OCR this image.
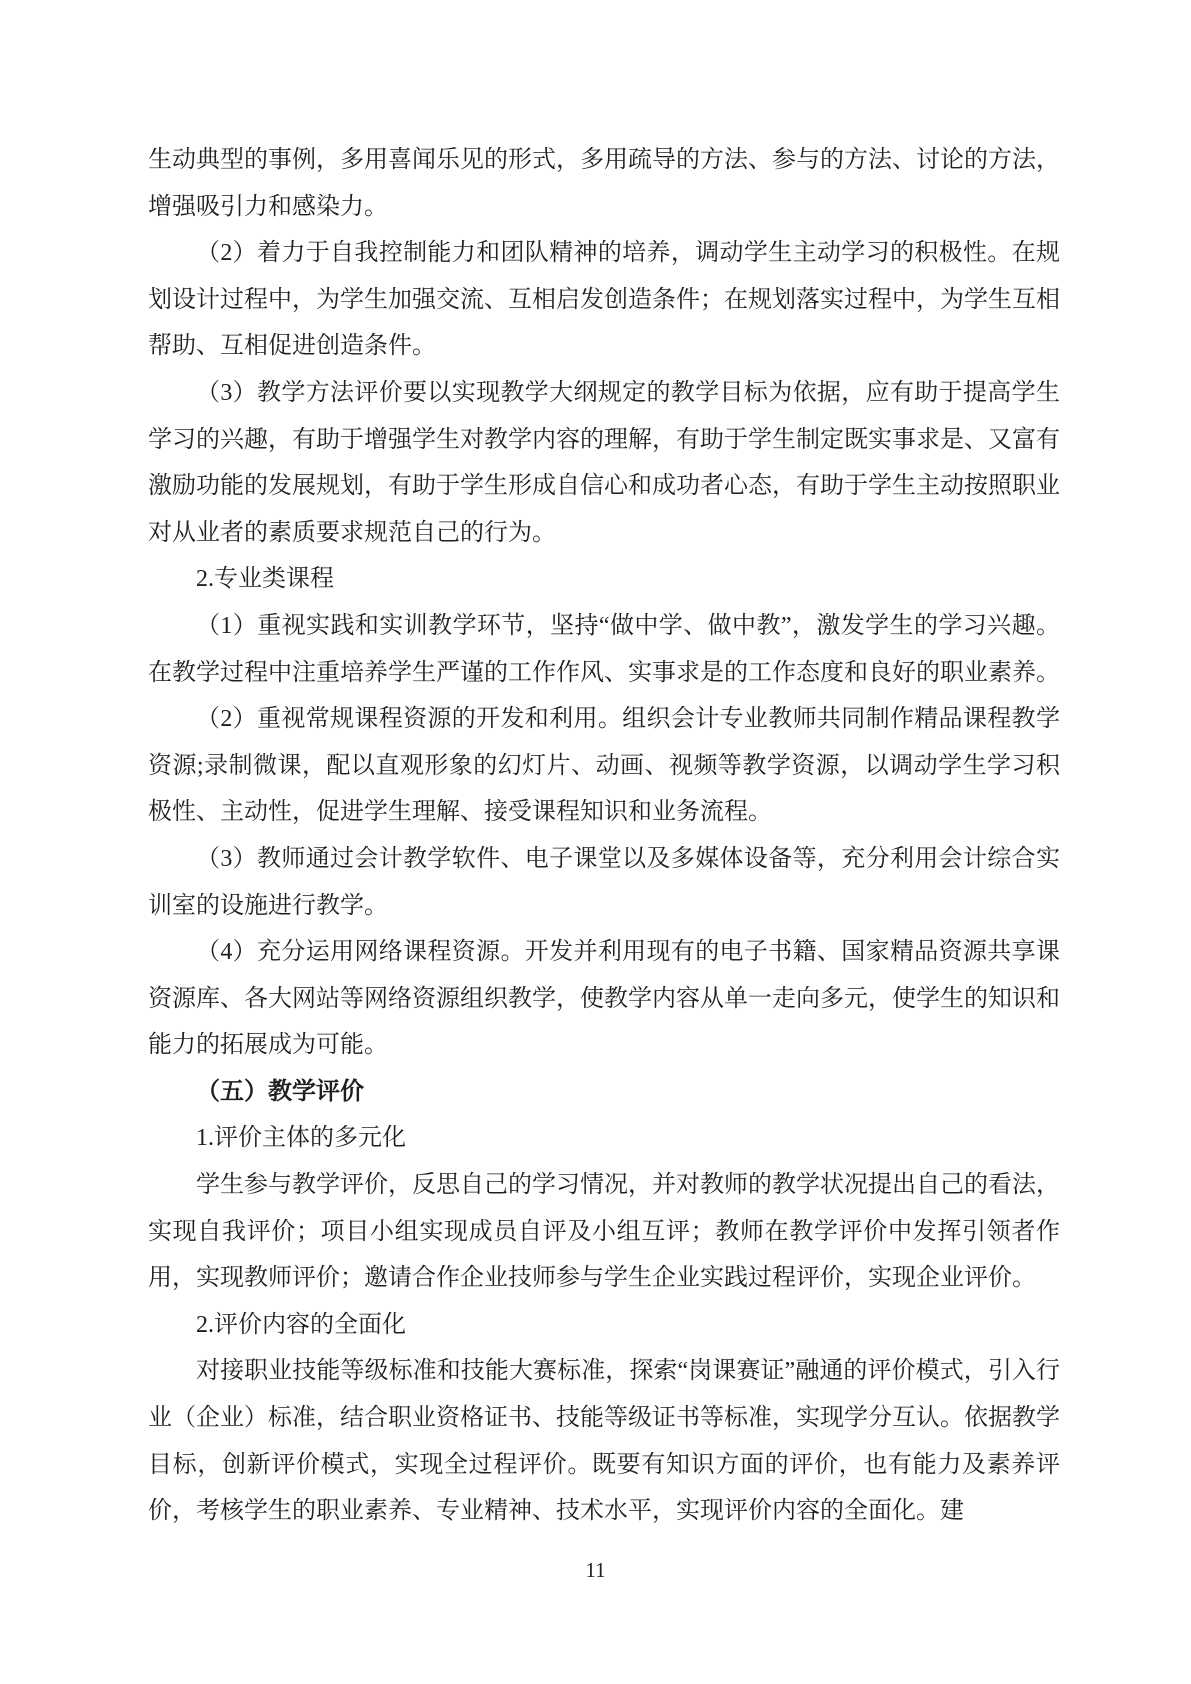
生动典型的事例，多用喜闻乐见的形式，多用疏导的方法、参与的方法、讨论的方法，增强吸引力和感染力。

（2）着力于自我控制能力和团队精神的培养，调动学生主动学习的积极性。在规划设计过程中，为学生加强交流、互相启发创造条件；在规划落实过程中，为学生互相帮助、互相促进创造条件。

（3）教学方法评价要以实现教学大纲规定的教学目标为依据，应有助于提高学生学习的兴趣，有助于增强学生对教学内容的理解，有助于学生制定既实事求是、又富有激励功能的发展规划，有助于学生形成自信心和成功者心态，有助于学生主动按照职业对从业者的素质要求规范自己的行为。

2.专业类课程

（1）重视实践和实训教学环节，坚持“做中学、做中教”，激发学生的学习兴趣。在教学过程中注重培养学生严谨的工作作风、实事求是的工作态度和良好的职业素养。

（2）重视常规课程资源的开发和利用。组织会计专业教师共同制作精品课程教学资源;录制微课，配以直观形象的幻灯片、动画、视频等教学资源，以调动学生学习积极性、主动性，促进学生理解、接受课程知识和业务流程。

（3）教师通过会计教学软件、电子课堂以及多媒体设备等，充分利用会计综合实训室的设施进行教学。

（4）充分运用网络课程资源。开发并利用现有的电子书籍、国家精品资源共享课资源库、各大网站等网络资源组织教学，使教学内容从单一走向多元，使学生的知识和能力的拓展成为可能。

（五）教学评价

1.评价主体的多元化

学生参与教学评价，反思自己的学习情况，并对教师的教学状况提出自己的看法，实现自我评价；项目小组实现成员自评及小组互评；教师在教学评价中发挥引领者作用，实现教师评价；邀请合作企业技师参与学生企业实践过程评价，实现企业评价。

2.评价内容的全面化

对接职业技能等级标准和技能大赛标准，探索“岗课赛证”融通的评价模式，引入行业（企业）标准，结合职业资格证书、技能等级证书等标准，实现学分互认。依据教学目标，创新评价模式，实现全过程评价。既要有知识方面的评价，也有能力及素养评价，考核学生的职业素养、专业精神、技术水平，实现评价内容的全面化。建

11
